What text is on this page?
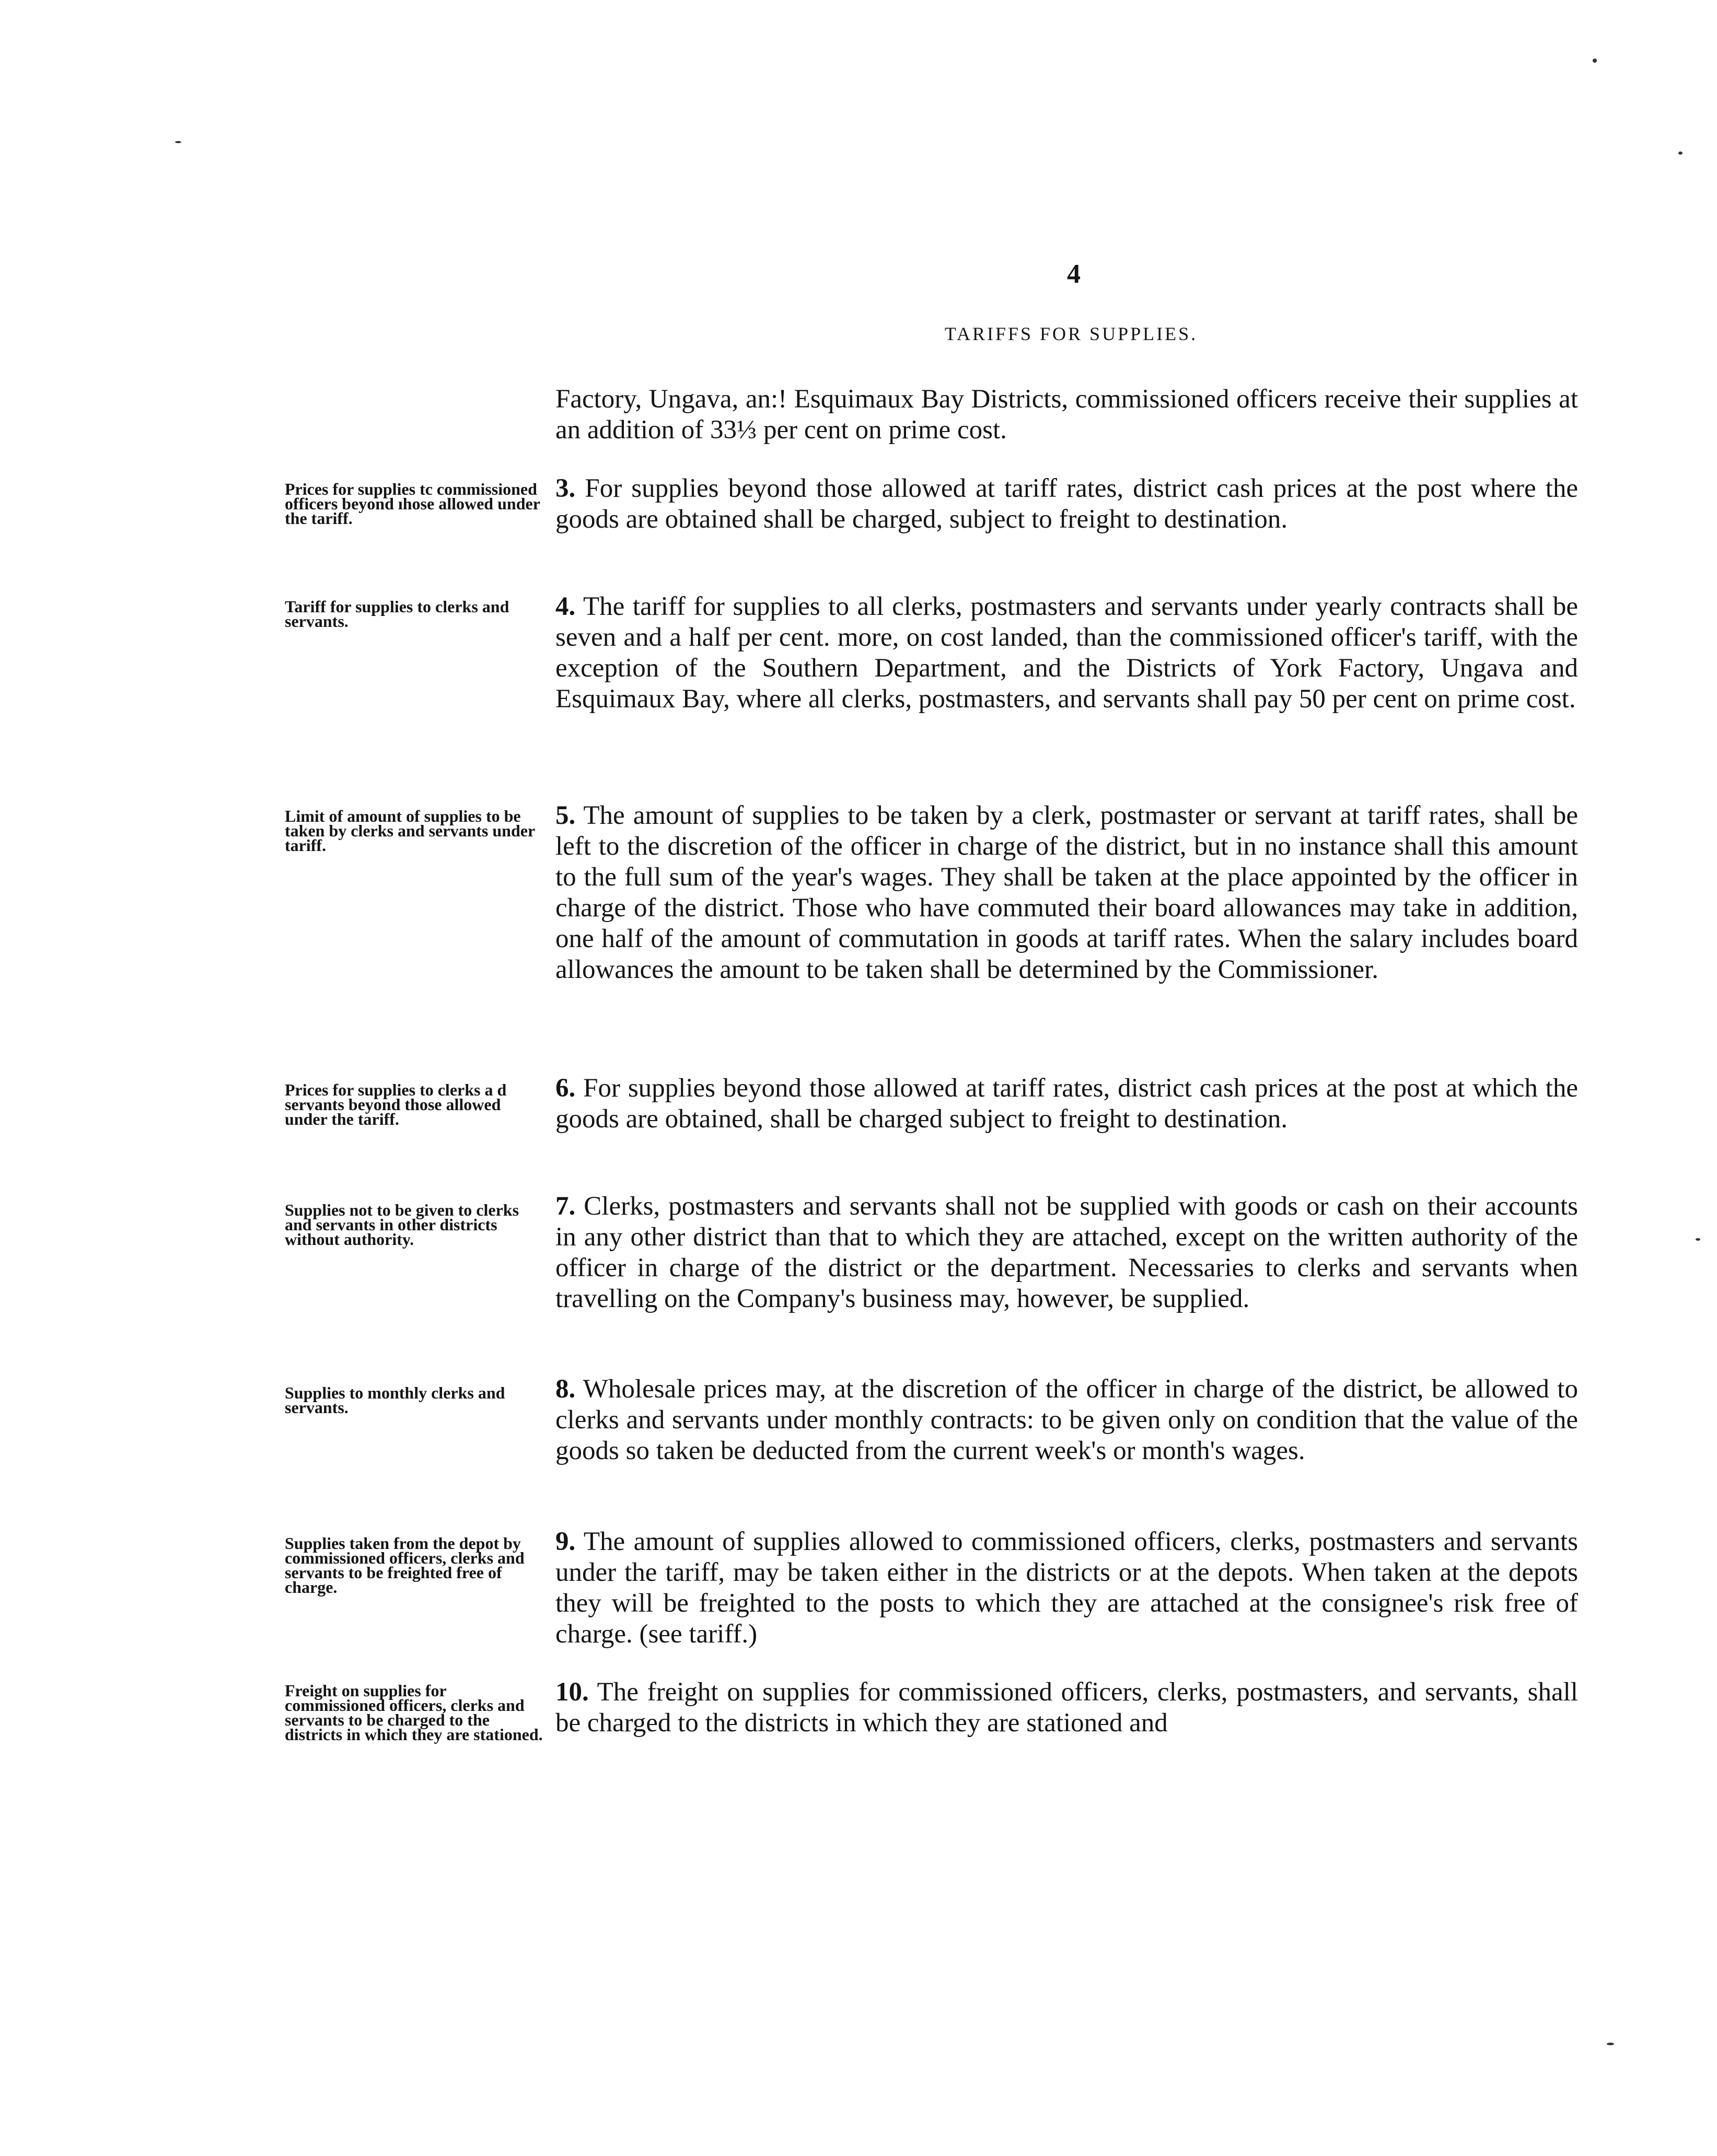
4
TARIFFS FOR SUPPLIES.

Factory, Ungava, an:! Esquimaux Bay Districts, commissioned officers receive their supplies at an addition of 33⅓ per cent on prime cost.

Prices for supplies tc commissioned officers beyond ıhose allowed under the tariff.

3. For supplies beyond those allowed at tariff rates, district cash prices at the post where the goods are obtained shall be charged, subject to freight to destination.

Tariff for supplies to clerks and servants.	4. The tariff for supplies to all clerks, postmasters and servants under yearly contracts shall be seven and a half per cent. more, on cost landed, than the commissioned officer's tariff, with the exception of the Southern Department, and the Districts of York Factory, Ungava and Esquimaux Bay, where all clerks, postmasters, and servants shall pay 50 per cent on prime cost.

Limit of amount of supplies to be taken by clerks and servants under tariff.

5. The amount of supplies to be taken by a clerk, postmaster or servant at tariff rates, shall be left to the discretion of the officer in charge of the district, but in no instance shall this amount to the full sum of the year's wages. They shall be taken at the place appointed by the officer in charge of the district. Those who have commuted their board allowances may take in addition, one half of the amount of commutation in goods at tariff rates. When the salary includes board allowances the amount to be taken shall be determined by the Commissioner.

Prices for supplies to clerks a d servants beyond those allowed under the tariff.

6. For supplies beyond those allowed at tariff rates, district cash prices at the post at which the goods are obtained, shall be charged subject to freight to destination.

Supplies not to be given to clerks and servants in other districts without authority.

7. Clerks, postmasters and servants shall not be supplied with goods or cash on their accounts in any other district than that to which they are attached, except on the written authority of the officer in charge of the district or the department. Necessaries to clerks and servants when travelling on the Company's business may, however, be supplied.

Supplies to monthly clerks and servants.

8. Wholesale prices may, at the discretion of the officer in charge of the district, be allowed to clerks and servants under monthly contracts: to be given only on condition that the value of the goods so taken be deducted from the current week's or month's wages.

Supplies taken from the depot by commissioned officers, clerks and servants to be freighted free of charge.

9. The amount of supplies allowed to commissioned officers, clerks, postmasters and servants under the tariff, may be taken either in the districts or at the depots. When taken at the depots they will be freighted to the posts to which they are attached at the consignee's risk free of charge. (see tariff.)

Freight on supplies for commissioned officers, clerks and servants to be charged to the districts in which they are stationed.

10. The freight on supplies for commissioned officers, clerks, postmasters, and servants, shall be charged to the districts in which they are stationed and
